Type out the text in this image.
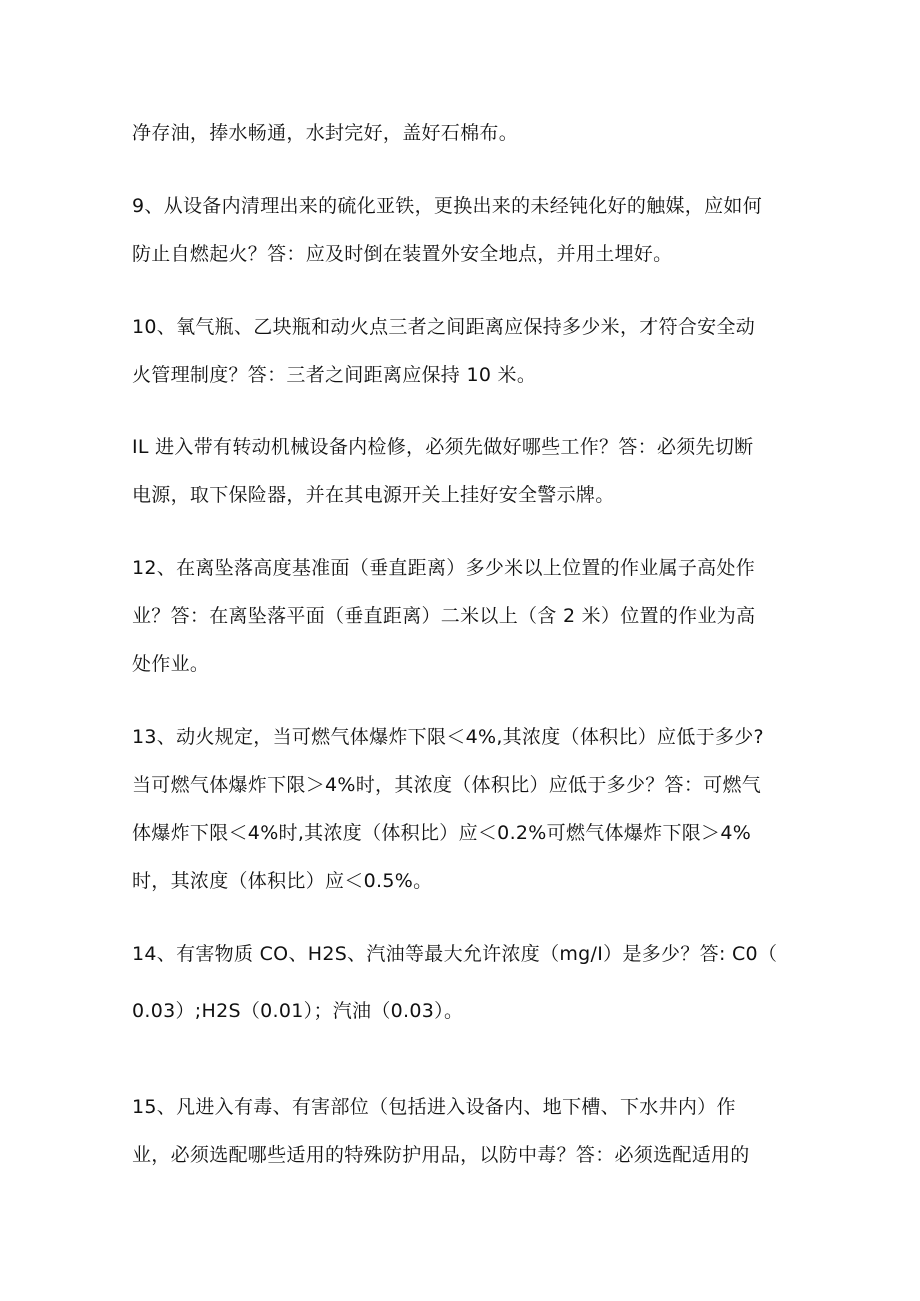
净存油，捧水畅通，水封完好，盖好石棉布。
9、从设备内清理出来的硫化亚铁，更换出来的未经钝化好的触媒，应如何
防止自燃起火？答：应及时倒在装置外安全地点，并用土埋好。
10、氧气瓶、乙块瓶和动火点三者之间距离应保持多少米，才符合安全动
火管理制度？答：三者之间距离应保持 10 米。
IL 进入带有转动机械设备内检修，必须先做好哪些工作？答：必须先切断
电源，取下保险器，并在其电源开关上挂好安全警示牌。
12、在离坠落高度基准面（垂直距离）多少米以上位置的作业属子高处作
业？答：在离坠落平面（垂直距离）二米以上（含 2 米）位置的作业为高
处作业。
13、动火规定，当可燃气体爆炸下限＜4%,其浓度（体积比）应低于多少?
当可燃气体爆炸下限＞4%时，其浓度（体积比）应低于多少？答：可燃气
体爆炸下限＜4%时,其浓度（体积比）应＜0.2%可燃气体爆炸下限＞4%
时，其浓度（体积比）应＜0.5%。
14、有害物质 CO、H2S、汽油等最大允许浓度（mg/I）是多少？答: C0（
0.03）;H2S（0.01）；汽油（0.03）。
15、凡进入有毒、有害部位（包括进入设备内、地下槽、下水井内）作
业，必须选配哪些适用的特殊防护用品，以防中毒？答：必须选配适用的
